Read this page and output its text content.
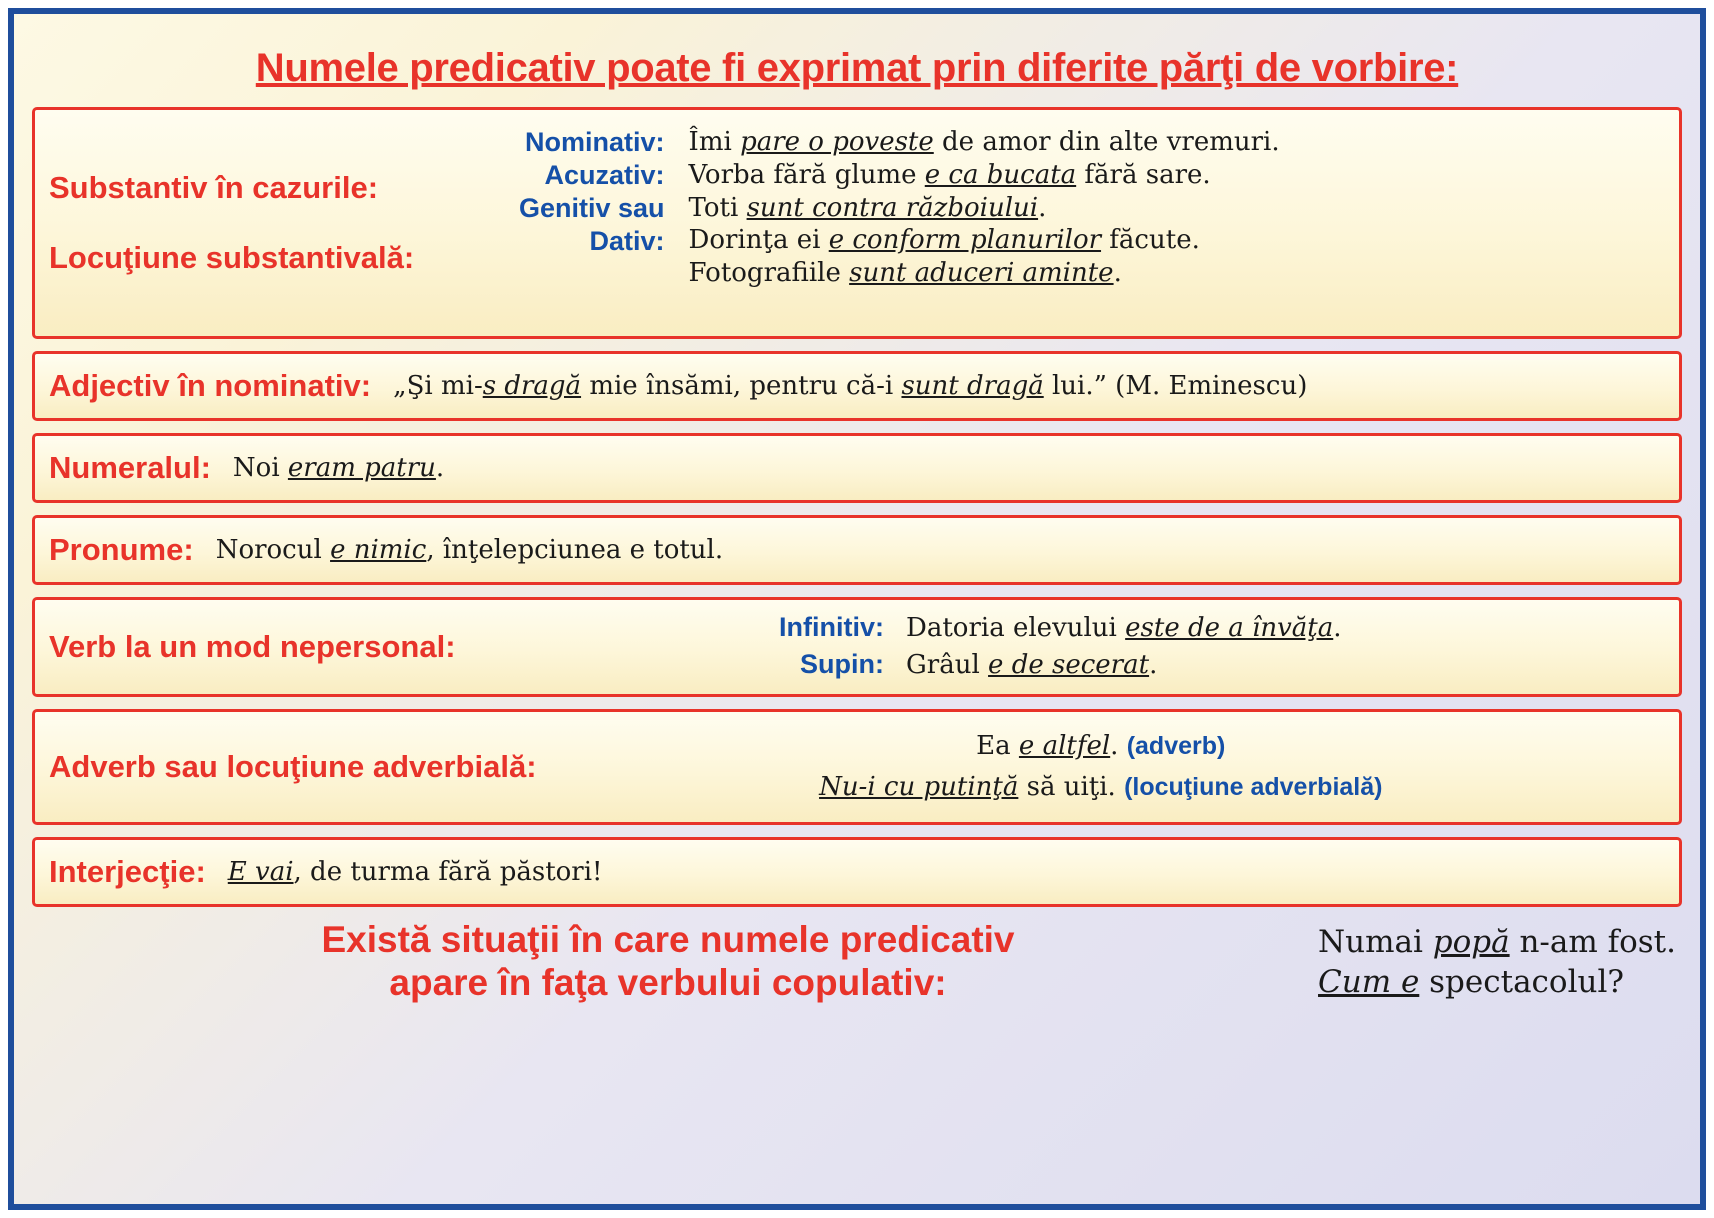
Numele predicativ poate fi exprimat prin diferite părţi de vorbire:
Substantiv în cazurile:
Locuţiune substantivală:
Nominativ:
Acuzativ:
Genitiv sau
Dativ:
Îmi pare o poveste de amor din alte vremuri.
Vorba fără glume e ca bucata fără sare.
Toti sunt contra războiului.
Dorinţa ei e conform planurilor făcute.
Fotografiile sunt aduceri aminte.
Adjectiv în nominativ: „Şi mi-s dragă mie însămi, pentru că-i sunt dragă lui.” (M. Eminescu)
Numeralul: Noi eram patru.
Pronume: Norocul e nimic, înţelepciunea e totul.
Verb la un mod nepersonal:
Infinitiv: Datoria elevului este de a învăţa.
Supin: Grâul e de secerat.
Adverb sau locuţiune adverbială:
Ea e altfel. (adverb)
Nu-i cu putinţă să uiţi. (locuţiune adverbială)
Interjecţie: E vai, de turma fără păstori!
Există situaţii în care numele predicativ
apare în faţa verbului copulativ:
Numai popă n-am fost.
Cum e spectacolul?
